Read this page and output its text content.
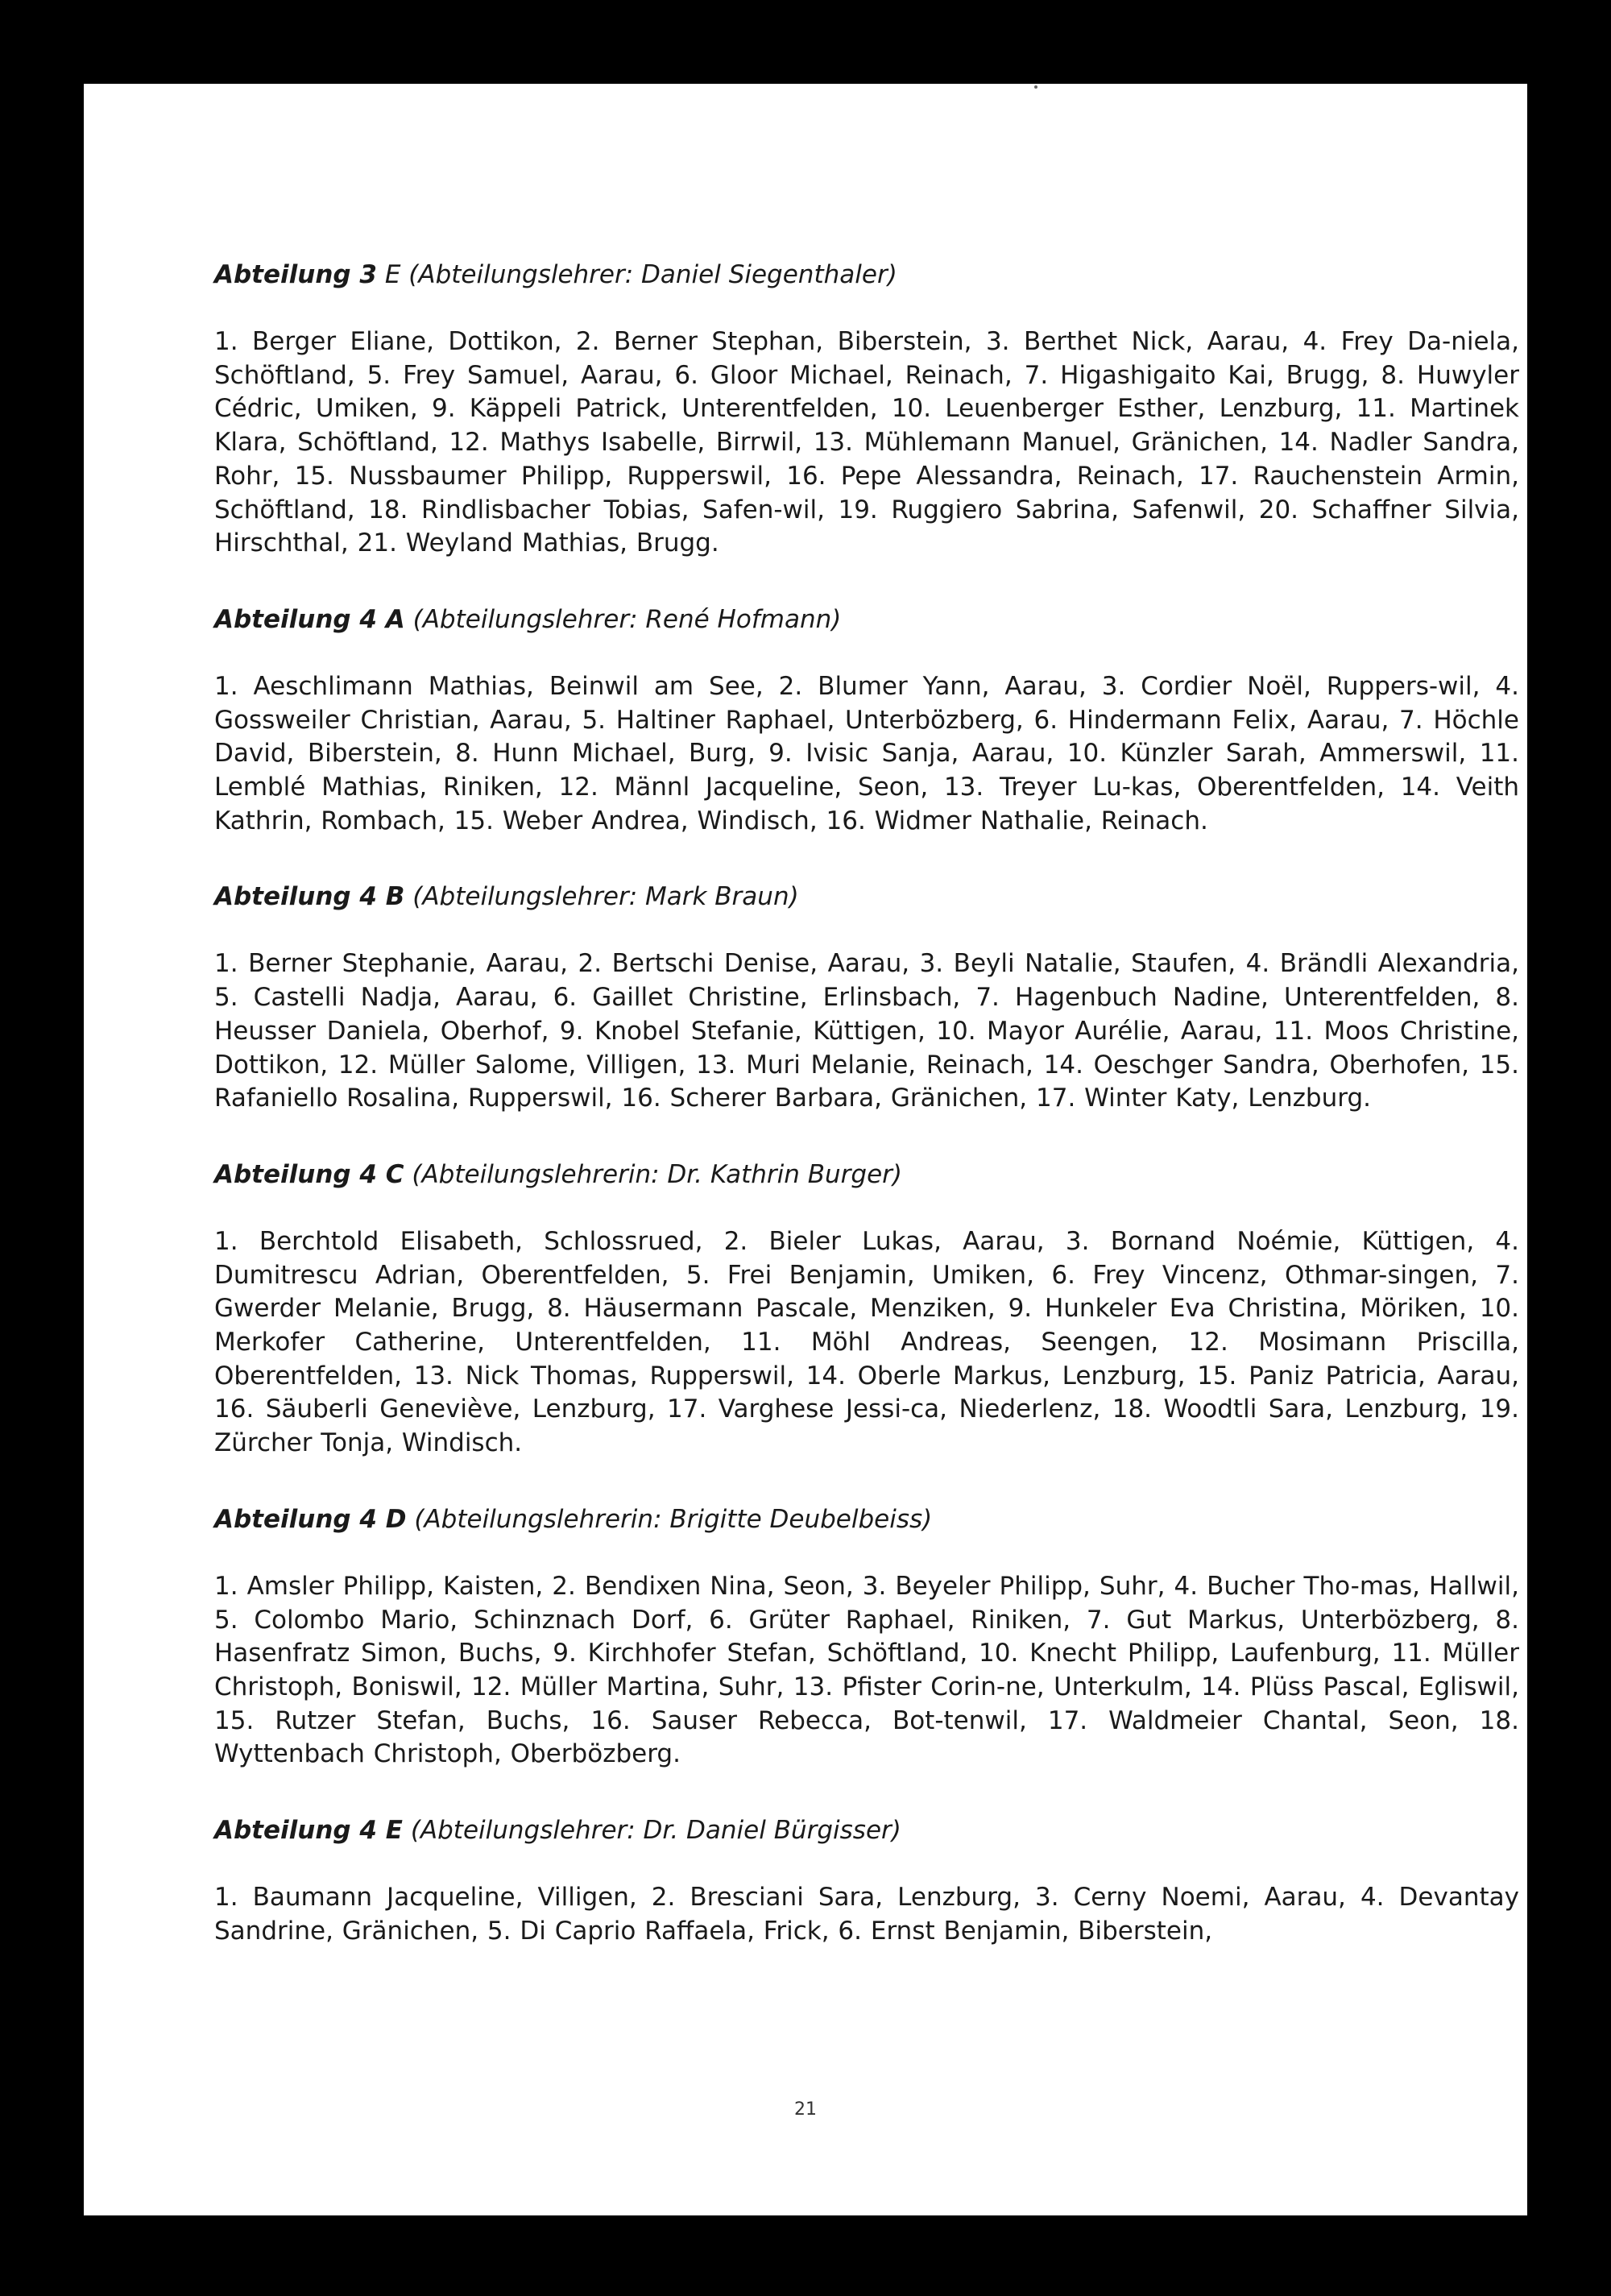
Abteilung 3 E (Abteilungslehrer: Daniel Siegenthaler)

1. Berger Eliane, Dottikon, 2. Berner Stephan, Biberstein, 3. Berthet Nick, Aarau, 4. Frey Da-niela, Schöftland, 5. Frey Samuel, Aarau, 6. Gloor Michael, Reinach, 7. Higashigaito Kai, Brugg, 8. Huwyler Cédric, Umiken, 9. Käppeli Patrick, Unterentfelden, 10. Leuenberger Esther, Lenzburg, 11. Martinek Klara, Schöftland, 12. Mathys Isabelle, Birrwil, 13. Mühlemann Manuel, Gränichen, 14. Nadler Sandra, Rohr, 15. Nussbaumer Philipp, Rupperswil, 16. Pepe Alessandra, Reinach, 17. Rauchenstein Armin, Schöftland, 18. Rindlisbacher Tobias, Safen-wil, 19. Ruggiero Sabrina, Safenwil, 20. Schaffner Silvia, Hirschthal, 21. Weyland Mathias, Brugg.

Abteilung 4 A (Abteilungslehrer: René Hofmann)

1. Aeschlimann Mathias, Beinwil am See, 2. Blumer Yann, Aarau, 3. Cordier Noël, Ruppers-wil, 4. Gossweiler Christian, Aarau, 5. Haltiner Raphael, Unterbözberg, 6. Hindermann Felix, Aarau, 7. Höchle David, Biberstein, 8. Hunn Michael, Burg, 9. Ivisic Sanja, Aarau, 10. Künzler Sarah, Ammerswil, 11. Lemblé Mathias, Riniken, 12. Männl Jacqueline, Seon, 13. Treyer Lu-kas, Oberentfelden, 14. Veith Kathrin, Rombach, 15. Weber Andrea, Windisch, 16. Widmer Nathalie, Reinach.

Abteilung 4 B (Abteilungslehrer: Mark Braun)

1. Berner Stephanie, Aarau, 2. Bertschi Denise, Aarau, 3. Beyli Natalie, Staufen, 4. Brändli Alexandria, 5. Castelli Nadja, Aarau, 6. Gaillet Christine, Erlinsbach, 7. Hagenbuch Nadine, Unterentfelden, 8. Heusser Daniela, Oberhof, 9. Knobel Stefanie, Küttigen, 10. Mayor Aurélie, Aarau, 11. Moos Christine, Dottikon, 12. Müller Salome, Villigen, 13. Muri Melanie, Reinach, 14. Oeschger Sandra, Oberhofen, 15. Rafaniello Rosalina, Rupperswil, 16. Scherer Barbara, Gränichen, 17. Winter Katy, Lenzburg.

Abteilung 4 C (Abteilungslehrerin: Dr. Kathrin Burger)

1. Berchtold Elisabeth, Schlossrued, 2. Bieler Lukas, Aarau, 3. Bornand Noémie, Küttigen, 4. Dumitrescu Adrian, Oberentfelden, 5. Frei Benjamin, Umiken, 6. Frey Vincenz, Othmar-singen, 7. Gwerder Melanie, Brugg, 8. Häusermann Pascale, Menziken, 9. Hunkeler Eva Christina, Möriken, 10. Merkofer Catherine, Unterentfelden, 11. Möhl Andreas, Seengen, 12. Mosimann Priscilla, Oberentfelden, 13. Nick Thomas, Rupperswil, 14. Oberle Markus, Lenzburg, 15. Paniz Patricia, Aarau, 16. Säuberli Geneviève, Lenzburg, 17. Varghese Jessi-ca, Niederlenz, 18. Woodtli Sara, Lenzburg, 19. Zürcher Tonja, Windisch.

Abteilung 4 D (Abteilungslehrerin: Brigitte Deubelbeiss)

1. Amsler Philipp, Kaisten, 2. Bendixen Nina, Seon, 3. Beyeler Philipp, Suhr, 4. Bucher Tho-mas, Hallwil, 5. Colombo Mario, Schinznach Dorf, 6. Grüter Raphael, Riniken, 7. Gut Markus, Unterbözberg, 8. Hasenfratz Simon, Buchs, 9. Kirchhofer Stefan, Schöftland, 10. Knecht Philipp, Laufenburg, 11. Müller Christoph, Boniswil, 12. Müller Martina, Suhr, 13. Pfister Corin-ne, Unterkulm, 14. Plüss Pascal, Egliswil, 15. Rutzer Stefan, Buchs, 16. Sauser Rebecca, Bot-tenwil, 17. Waldmeier Chantal, Seon, 18. Wyttenbach Christoph, Oberbözberg.

Abteilung 4 E (Abteilungslehrer: Dr. Daniel Bürgisser)

1. Baumann Jacqueline, Villigen, 2. Bresciani Sara, Lenzburg, 3. Cerny Noemi, Aarau, 4. Devantay Sandrine, Gränichen, 5. Di Caprio Raffaela, Frick, 6. Ernst Benjamin, Biberstein,

21
